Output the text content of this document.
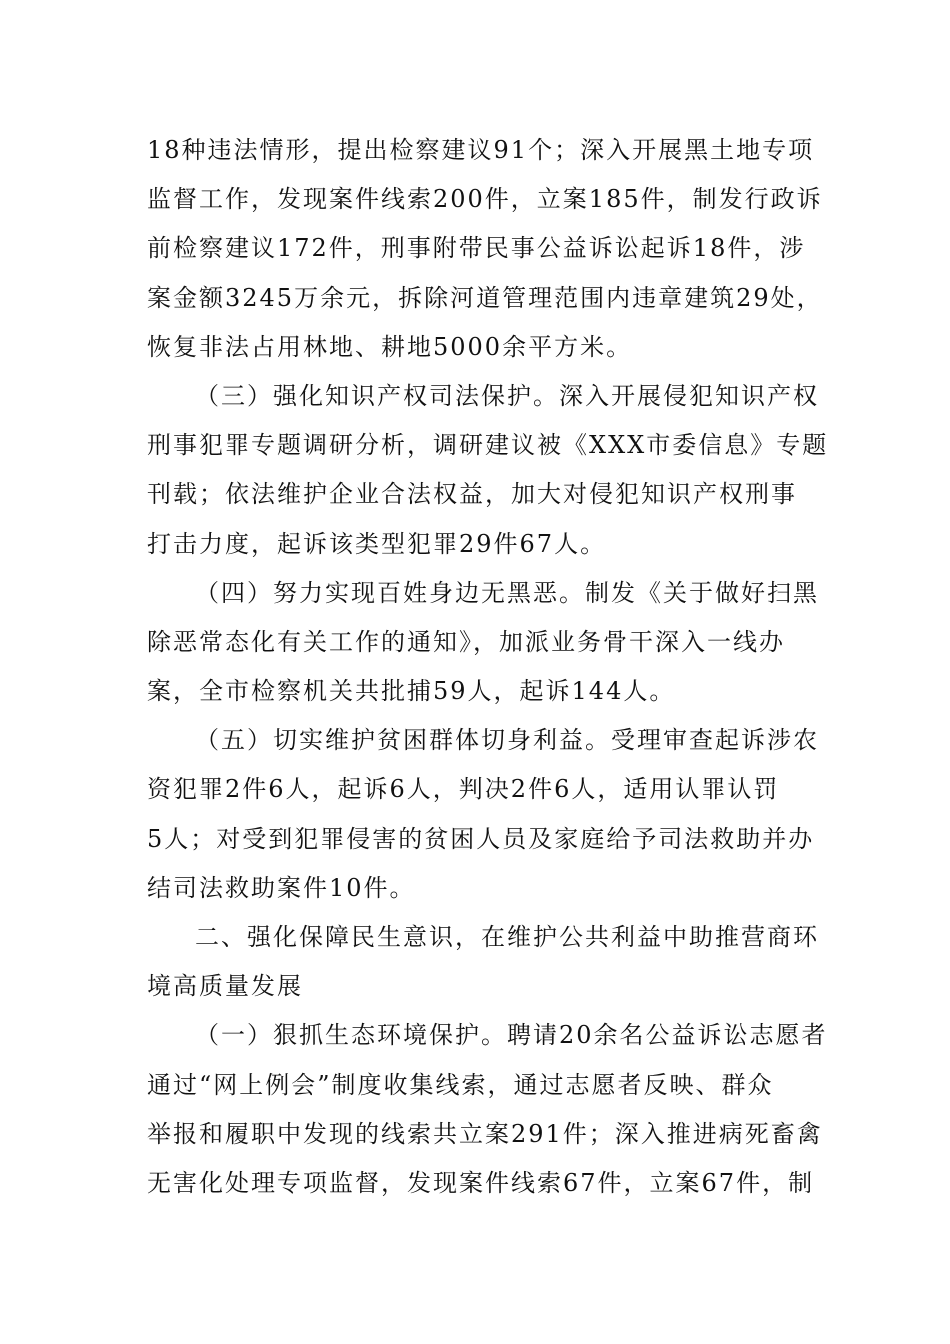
18种违法情形，提出检察建议91个；深入开展黑土地专项
监督工作，发现案件线索200件，立案185件，制发行政诉
前检察建议172件，刑事附带民事公益诉讼起诉18件，涉
案金额3245万余元，拆除河道管理范围内违章建筑29处，
恢复非法占用林地、耕地5000余平方米。
（三）强化知识产权司法保护。深入开展侵犯知识产权
刑事犯罪专题调研分析，调研建议被《XXX市委信息》专题
刊载；依法维护企业合法权益，加大对侵犯知识产权刑事
打击力度，起诉该类型犯罪29件67人。
（四）努力实现百姓身边无黑恶。制发《关于做好扫黑
除恶常态化有关工作的通知》，加派业务骨干深入一线办
案，全市检察机关共批捕59人，起诉144人。
（五）切实维护贫困群体切身利益。受理审查起诉涉农
资犯罪2件6人，起诉6人，判决2件6人，适用认罪认罚
5人；对受到犯罪侵害的贫困人员及家庭给予司法救助并办
结司法救助案件10件。
二、强化保障民生意识，在维护公共利益中助推营商环
境高质量发展
（一）狠抓生态环境保护。聘请20余名公益诉讼志愿者
通过“网上例会”制度收集线索，通过志愿者反映、群众
举报和履职中发现的线索共立案291件；深入推进病死畜禽
无害化处理专项监督，发现案件线索67件，立案67件，制
